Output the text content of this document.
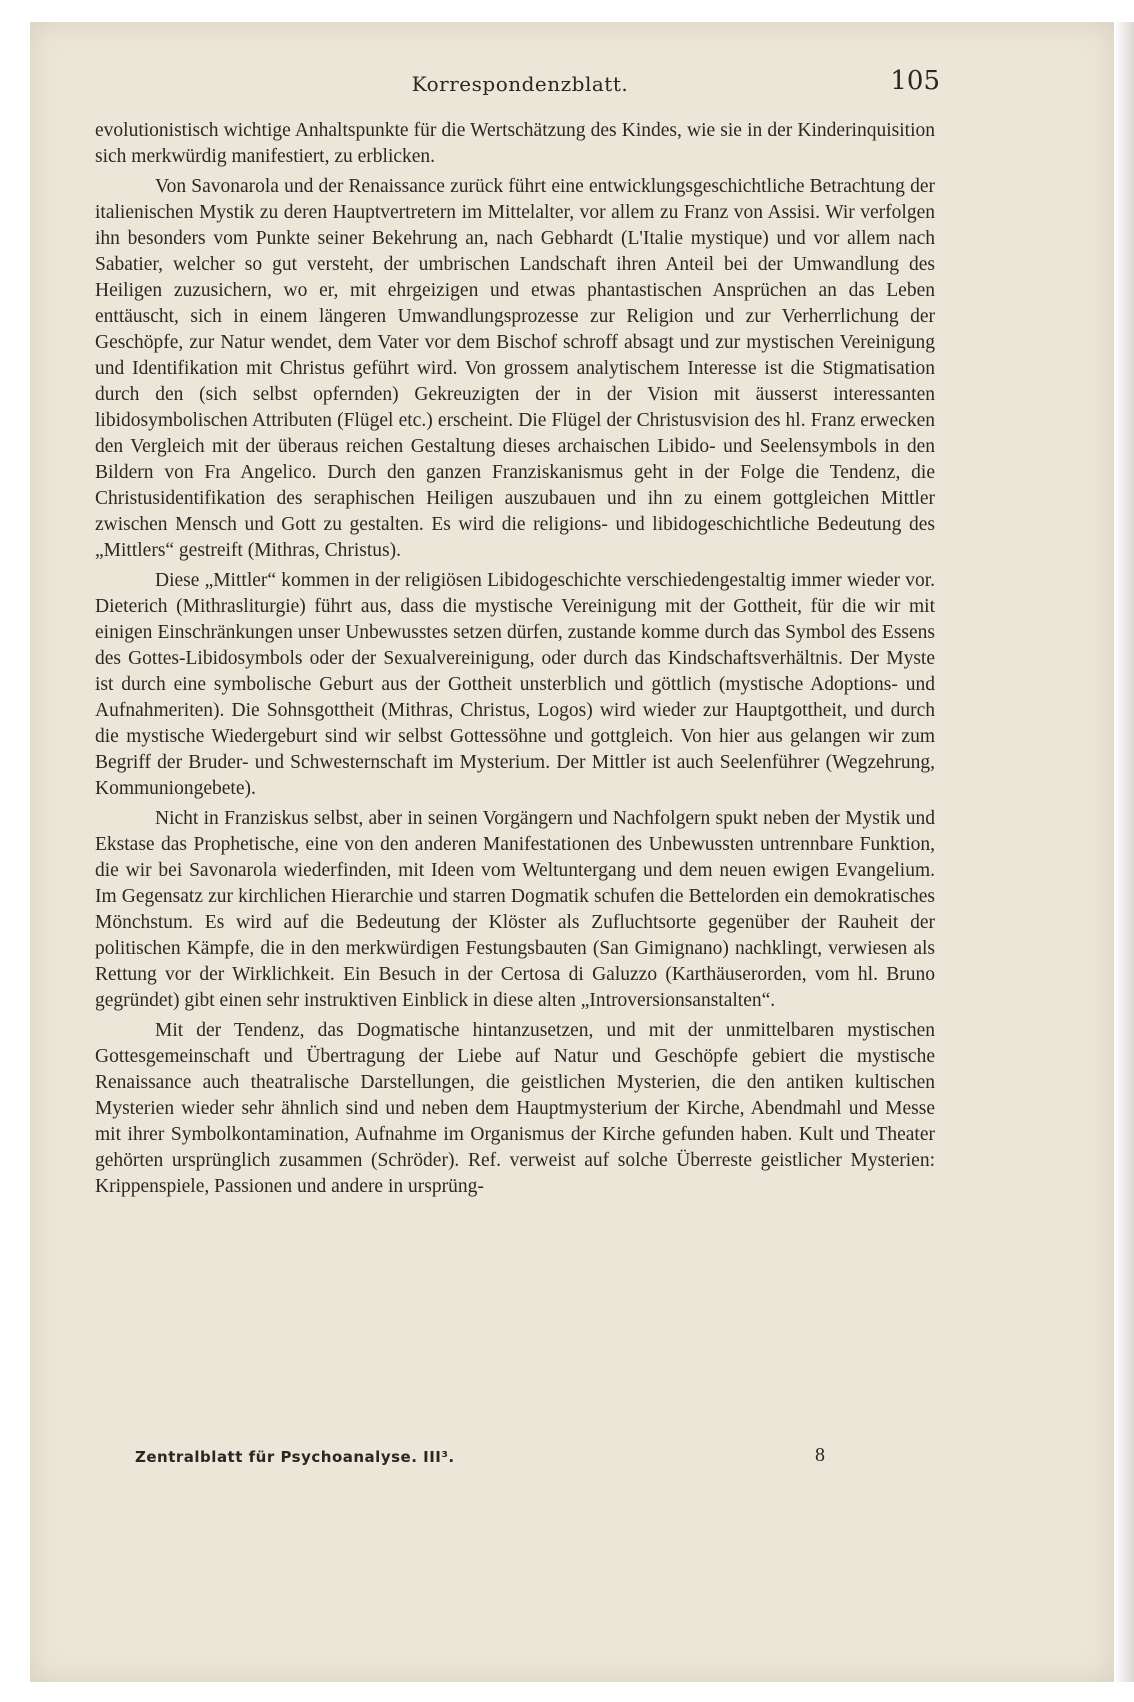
Korrespondenzblatt.	105

evolutionistisch wichtige Anhaltspunkte für die Wertschätzung des Kindes, wie sie in der Kinderinquisition sich merkwürdig manifestiert, zu erblicken.

Von Savonarola und der Renaissance zurück führt eine entwicklungsgeschichtliche Betrachtung der italienischen Mystik zu deren Hauptvertretern im Mittelalter, vor allem zu Franz von Assisi. Wir verfolgen ihn besonders vom Punkte seiner Bekehrung an, nach Gebhardt (L'Italie mystique) und vor allem nach Sabatier, welcher so gut versteht, der umbrischen Landschaft ihren Anteil bei der Umwandlung des Heiligen zuzusichern, wo er, mit ehrgeizigen und etwas phantastischen Ansprüchen an das Leben enttäuscht, sich in einem längeren Umwandlungsprozesse zur Religion und zur Verherrlichung der Geschöpfe, zur Natur wendet, dem Vater vor dem Bischof schroff absagt und zur mystischen Vereinigung und Identifikation mit Christus geführt wird. Von grossem analytischem Interesse ist die Stigmatisation durch den (sich selbst opfernden) Gekreuzigten der in der Vision mit äusserst interessanten libidosymbolischen Attributen (Flügel etc.) erscheint. Die Flügel der Christusvision des hl. Franz erwecken den Vergleich mit der überaus reichen Gestaltung dieses archaischen Libido- und Seelensymbols in den Bildern von Fra Angelico. Durch den ganzen Franziskanismus geht in der Folge die Tendenz, die Christusidentifikation des seraphischen Heiligen auszubauen und ihn zu einem gottgleichen Mittler zwischen Mensch und Gott zu gestalten. Es wird die religions- und libidogeschichtliche Bedeutung des „Mittlers“ gestreift (Mithras, Christus).

Diese „Mittler“ kommen in der religiösen Libidogeschichte verschiedengestaltig immer wieder vor. Dieterich (Mithrasliturgie) führt aus, dass die mystische Vereinigung mit der Gottheit, für die wir mit einigen Einschränkungen unser Unbewusstes setzen dürfen, zustande komme durch das Symbol des Essens des Gottes-Libidosymbols oder der Sexualvereinigung, oder durch das Kindschaftsverhältnis. Der Myste ist durch eine symbolische Geburt aus der Gottheit unsterblich und göttlich (mystische Adoptions- und Aufnahmeriten). Die Sohnsgottheit (Mithras, Christus, Logos) wird wieder zur Hauptgottheit, und durch die mystische Wiedergeburt sind wir selbst Gottessöhne und gottgleich. Von hier aus gelangen wir zum Begriff der Bruder- und Schwesternschaft im Mysterium. Der Mittler ist auch Seelenführer (Wegzehrung, Kommuniongebete).

Nicht in Franziskus selbst, aber in seinen Vorgängern und Nachfolgern spukt neben der Mystik und Ekstase das Prophetische, eine von den anderen Manifestationen des Unbewussten untrennbare Funktion, die wir bei Savonarola wiederfinden, mit Ideen vom Weltuntergang und dem neuen ewigen Evangelium. Im Gegensatz zur kirchlichen Hierarchie und starren Dogmatik schufen die Bettelorden ein demokratisches Mönchstum. Es wird auf die Bedeutung der Klöster als Zufluchtsorte gegenüber der Rauheit der politischen Kämpfe, die in den merkwürdigen Festungsbauten (San Gimignano) nachklingt, verwiesen als Rettung vor der Wirklichkeit. Ein Besuch in der Certosa di Galuzzo (Karthäuserorden, vom hl. Bruno gegründet) gibt einen sehr instruktiven Einblick in diese alten „Introversionsanstalten“.

Mit der Tendenz, das Dogmatische hintanzusetzen, und mit der unmittelbaren mystischen Gottesgemeinschaft und Übertragung der Liebe auf Natur und Geschöpfe gebiert die mystische Renaissance auch theatralische Darstellungen, die geistlichen Mysterien, die den antiken kultischen Mysterien wieder sehr ähnlich sind und neben dem Hauptmysterium der Kirche, Abendmahl und Messe mit ihrer Symbolkontamination, Aufnahme im Organismus der Kirche gefunden haben. Kult und Theater gehörten ursprünglich zusammen (Schröder). Ref. verweist auf solche Überreste geistlicher Mysterien: Krippenspiele, Passionen und andere in ursprüng-

Zentralblatt für Psychoanalyse. III³.	8
